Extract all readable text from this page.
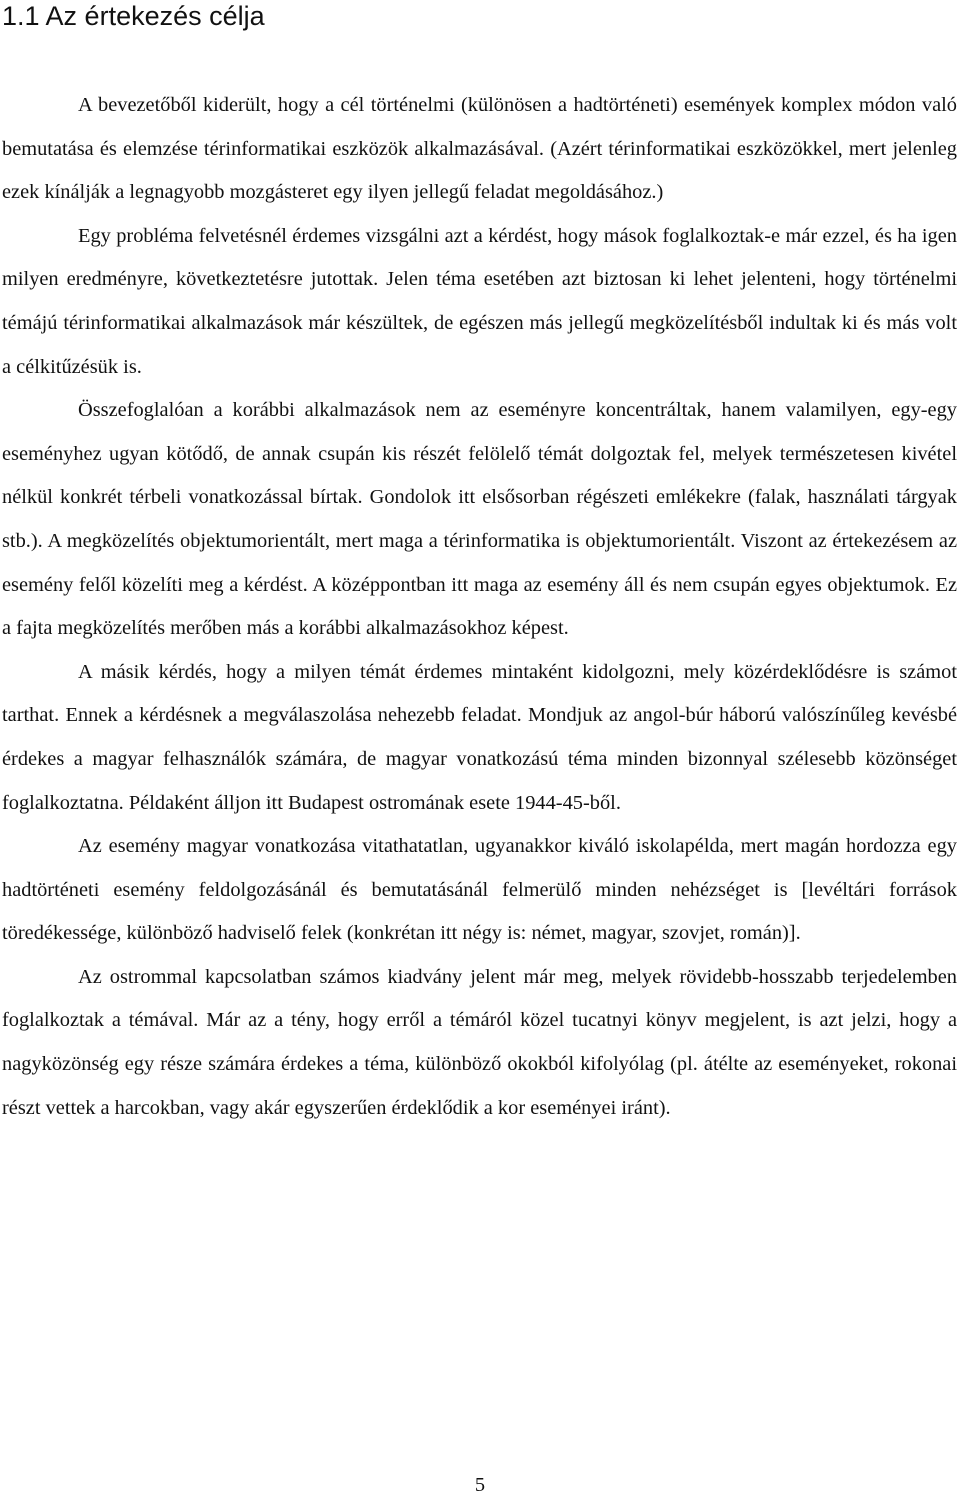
1.1 Az értekezés célja

A bevezetőből kiderült, hogy a cél történelmi (különösen a hadtörténeti) események komplex módon való bemutatása és elemzése térinformatikai eszközök alkalmazásával. (Azért térinformatikai eszközökkel, mert jelenleg ezek kínálják a legnagyobb mozgásteret egy ilyen jellegű feladat megoldásához.)

Egy probléma felvetésnél érdemes vizsgálni azt a kérdést, hogy mások foglalkoztak-e már ezzel, és ha igen milyen eredményre, következtetésre jutottak. Jelen téma esetében azt biztosan ki lehet jelenteni, hogy történelmi témájú térinformatikai alkalmazások már készültek, de egészen más jellegű megközelítésből indultak ki és más volt a célkitűzésük is.

Összefoglalóan a korábbi alkalmazások nem az eseményre koncentráltak, hanem valamilyen, egy-egy eseményhez ugyan kötődő, de annak csupán kis részét felölelő témát dolgoztak fel, melyek természetesen kivétel nélkül konkrét térbeli vonatkozással bírtak. Gondolok itt elsősorban régészeti emlékekre (falak, használati tárgyak stb.). A megközelítés objektumorientált, mert maga a térinformatika is objektumorientált. Viszont az értekezésem az esemény felől közelíti meg a kérdést. A középpontban itt maga az esemény áll és nem csupán egyes objektumok. Ez a fajta megközelítés merőben más a korábbi alkalmazásokhoz képest.

A másik kérdés, hogy a milyen témát érdemes mintaként kidolgozni, mely közérdeklődésre is számot tarthat. Ennek a kérdésnek a megválaszolása nehezebb feladat. Mondjuk az angol-búr háború valószínűleg kevésbé érdekes a magyar felhasználók számára, de magyar vonatkozású téma minden bizonnyal szélesebb közönséget foglalkoztatna. Példaként álljon itt Budapest ostromának esete 1944-45-ből.

Az esemény magyar vonatkozása vitathatatlan, ugyanakkor kiváló iskolapélda, mert magán hordozza egy hadtörténeti esemény feldolgozásánál és bemutatásánál felmerülő minden nehézséget is [levéltári források töredékessége, különböző hadviselő felek (konkrétan itt négy is: német, magyar, szovjet, román)].

Az ostrommal kapcsolatban számos kiadvány jelent már meg, melyek rövidebb-hosszabb terjedelemben foglalkoztak a témával. Már az a tény, hogy erről a témáról közel tucatnyi könyv megjelent, is azt jelzi, hogy a nagyközönség egy része számára érdekes a téma, különböző okokból kifolyólag (pl. átélte az eseményeket, rokonai részt vettek a harcokban, vagy akár egyszerűen érdeklődik a kor eseményei iránt).

5
